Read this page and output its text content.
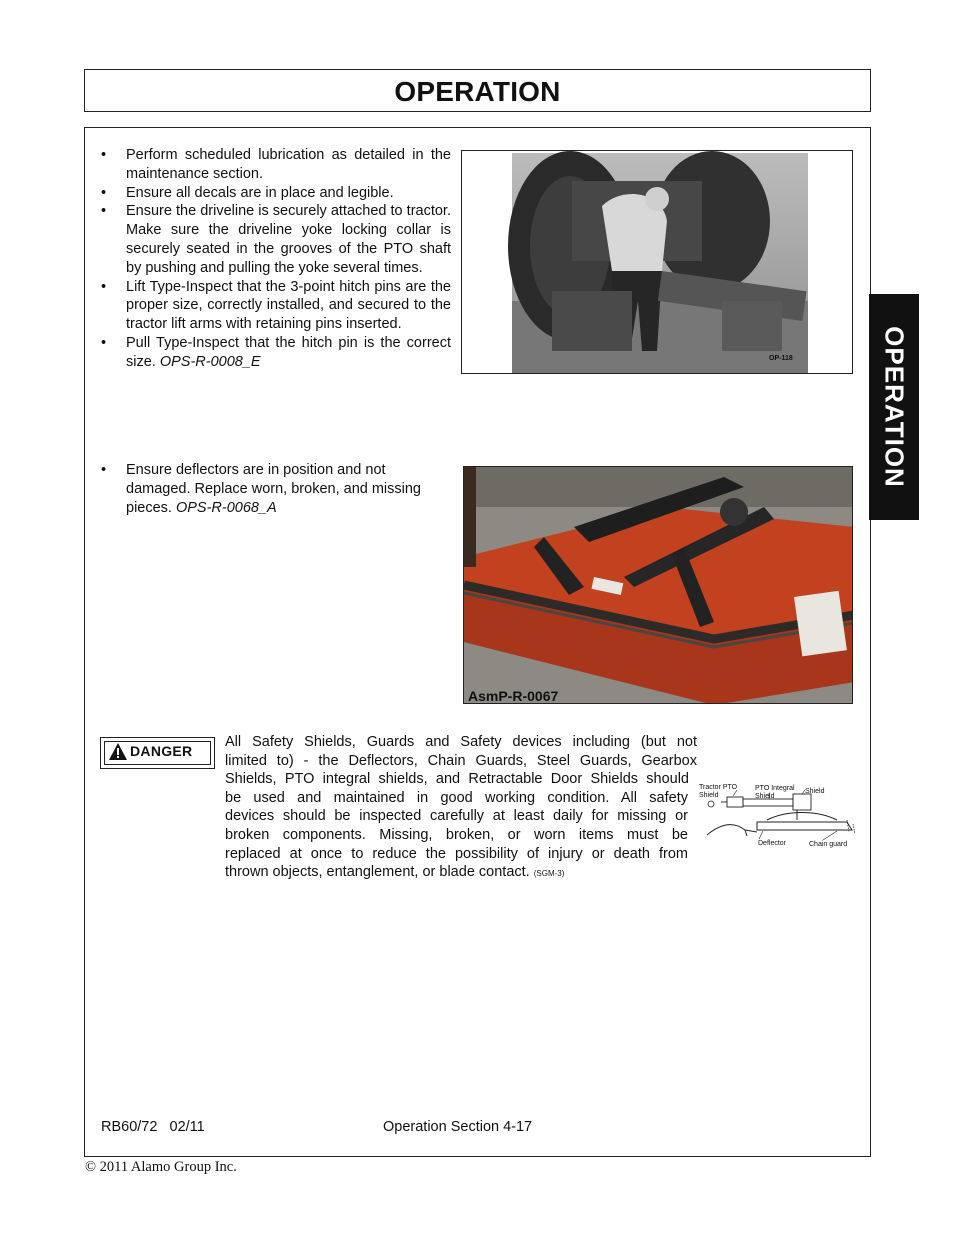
OPERATION
OPERATION
• Perform scheduled lubrication as detailed in the maintenance section.
• Ensure all decals are in place and legible.
• Ensure the driveline is securely attached to tractor. Make sure the driveline yoke locking collar is securely seated in the grooves of the PTO shaft by pushing and pulling the yoke several times.
• Lift Type-Inspect that the 3-point hitch pins are the proper size, correctly installed, and secured to the tractor lift arms with retaining pins inserted.
• Pull Type-Inspect that the hitch pin is the correct size. OPS-R-0008_E	OP-118
• Ensure deflectors are in position and not damaged. Replace worn, broken, and missing pieces. OPS-R-0068_A
AsmP-R-0067
DANGER
All Safety Shields, Guards and Safety devices including (but not
limited to) - the Deflectors, Chain Guards, Steel Guards, Gearbox
Shields, PTO integral shields, and Retractable Door Shields should
be used and maintained in good working condition. All safety
devices should be inspected carefully at least daily for missing or
broken components. Missing, broken, or worn items must be
replaced at once to reduce the possibility of injury or death from
thrown objects, entanglement, or blade contact. (SGM-3)
Tractor PTO Shield
PTO Integral Shield
Shield
Deflector	Chain guard
RB60/72   02/11	Operation Section 4-17
© 2011 Alamo Group Inc.
